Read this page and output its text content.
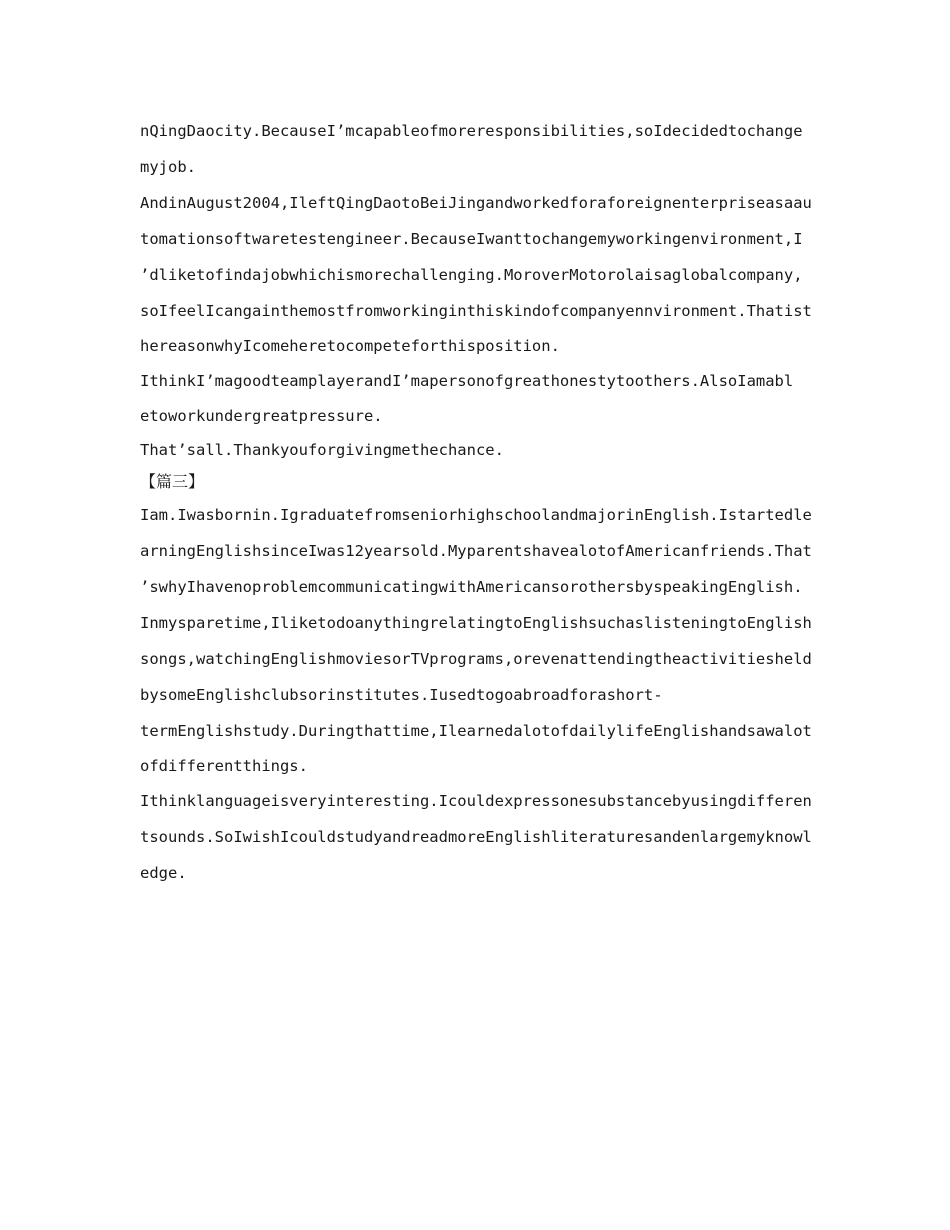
nQingDaocity.BecauseI’mcapableofmoreresponsibilities,soIdecidedtochange
myjob.
AndinAugust2004,IleftQingDaotoBeiJingandworkedforaforeignenterpriseasaau
tomationsoftwaretestengineer.BecauseIwanttochangemyworkingenvironment,I
’dliketofindajobwhichismorechallenging.MoroverMotorolaisaglobalcompany,
soIfeelIcangainthemostfromworkinginthiskindofcompanyennvironment.Thatist
hereasonwhyIcomeheretocompeteforthisposition.
IthinkI’magoodteamplayerandI’mapersonofgreathonestytoothers.AlsoIamabl
etoworkundergreatpressure.
That’sall.Thankyouforgivingmethechance.
【篇三】
Iam.Iwasbornin.IgraduatefromseniorhighschoolandmajorinEnglish.Istartedle
arningEnglishsinceIwas12yearsold.MyparentshavealotofAmericanfriends.That
’swhyIhavenoproblemcommunicatingwithAmericansorothersbyspeakingEnglish.
Inmysparetime,IliketodoanythingrelatingtoEnglishsuchaslisteningtoEnglish
songs,watchingEnglishmoviesorTVprograms,orevenattendingtheactivitiesheld
bysomeEnglishclubsorinstitutes.Iusedtogoabroadforashort-
termEnglishstudy.Duringthattime,IlearnedalotofdailylifeEnglishandsawalot
ofdifferentthings.
Ithinklanguageisveryinteresting.Icouldexpressonesubstancebyusingdifferen
tsounds.SoIwishIcouldstudyandreadmoreEnglishliteraturesandenlargemyknowl
edge.
